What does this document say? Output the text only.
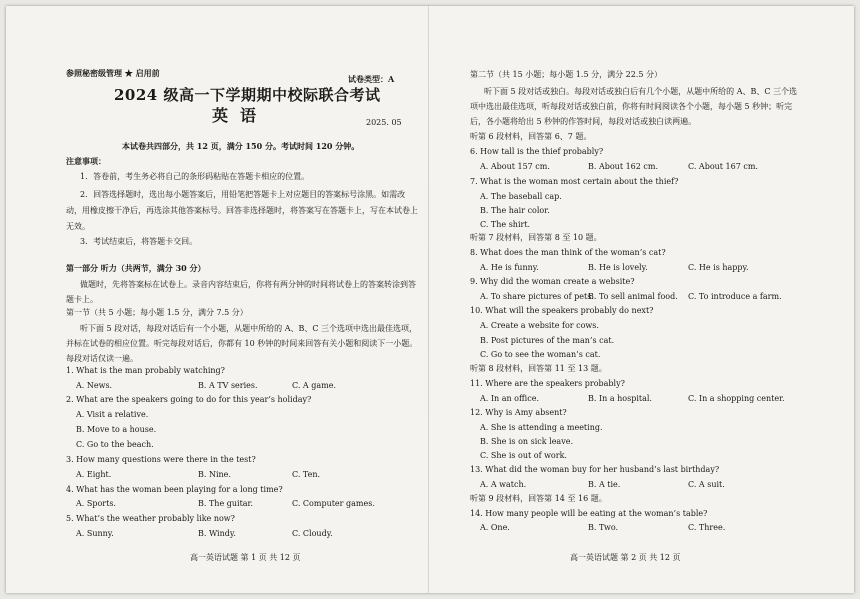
参照秘密级管理 ★ 启用前
试卷类型：A
2024 级高一下学期期中校际联合考试
英语	2025. 05
本试卷共四部分，共 12 页，满分 150 分。考试时间 120 分钟。
注意事项：
1．答卷前，考生务必将自己的条形码粘贴在答题卡相应的位置。
2．回答选择题时，选出每小题答案后，用铅笔把答题卡上对应题目的答案标号涂黑。如需改动，用橡皮擦干净后，再选涂其他答案标号。回答非选择题时，将答案写在答题卡上，写在本试卷上无效。
3．考试结束后，将答题卡交回。
第一部分 听力（共两节，满分 30 分）
做题时，先将答案标在试卷上。录音内容结束后，你将有两分钟的时间将试卷上的答案转涂到答题卡上。
第一节（共 5 小题；每小题 1.5 分，满分 7.5 分）
听下面 5 段对话，每段对话后有一个小题，从题中所给的 A、B、C 三个选项中选出最佳选项，并标在试卷的相应位置。听完每段对话后，你都有 10 秒钟的时间来回答有关小题和阅读下一小题。每段对话仅读一遍。
1. What is the man probably watching?
A. News.	B. A TV series.	C. A game.
2. What are the speakers going to do for this year’s holiday?
A. Visit a relative.
B. Move to a house.
C. Go to the beach.
3. How many questions were there in the test?
A. Eight.	B. Nine.	C. Ten.
4. What has the woman been playing for a long time?
A. Sports.	B. The guitar.	C. Computer games.
5. What’s the weather probably like now?
A. Sunny.	B. Windy.	C. Cloudy.
高一英语试题 第 1 页 共 12 页
第二节（共 15 小题；每小题 1.5 分，满分 22.5 分）
听下面 5 段对话或独白。每段对话或独白后有几个小题，从题中所给的 A、B、C 三个选项中选出最佳选项，听每段对话或独白前，你将有时间阅读各个小题，每小题 5 秒钟；听完后，各小题将给出 5 秒钟的作答时间，每段对话或独白读两遍。
听第 6 段材料，回答第 6、7 题。
6. How tall is the thief probably?
A. About 157 cm.	B. About 162 cm.	C. About 167 cm.
7. What is the woman most certain about the thief?
A. The baseball cap.
B. The hair color.
C. The shirt.
听第 7 段材料，回答第 8 至 10 题。
8. What does the man think of the woman’s cat?
A. He is funny.	B. He is lovely.	C. He is happy.
9. Why did the woman create a website?
A. To share pictures of pets.
B. To sell animal food. C. To introduce a farm.
10. What will the speakers probably do next?
A. Create a website for cows.
B. Post pictures of the man’s cat.
C. Go to see the woman’s cat.
听第 8 段材料，回答第 11 至 13 题。
11. Where are the speakers probably?
A. In an office.	B. In a hospital.	C. In a shopping center.
12. Why is Amy absent?
A. She is attending a meeting.
B. She is on sick leave.
C. She is out of work.
13. What did the woman buy for her husband’s last birthday?
A. A watch.	B. A tie.	C. A suit.
听第 9 段材料，回答第 14 至 16 题。
14. How many people will be eating at the woman’s table?
A. One.	B. Two.	C. Three.
高一英语试题 第 2 页 共 12 页
